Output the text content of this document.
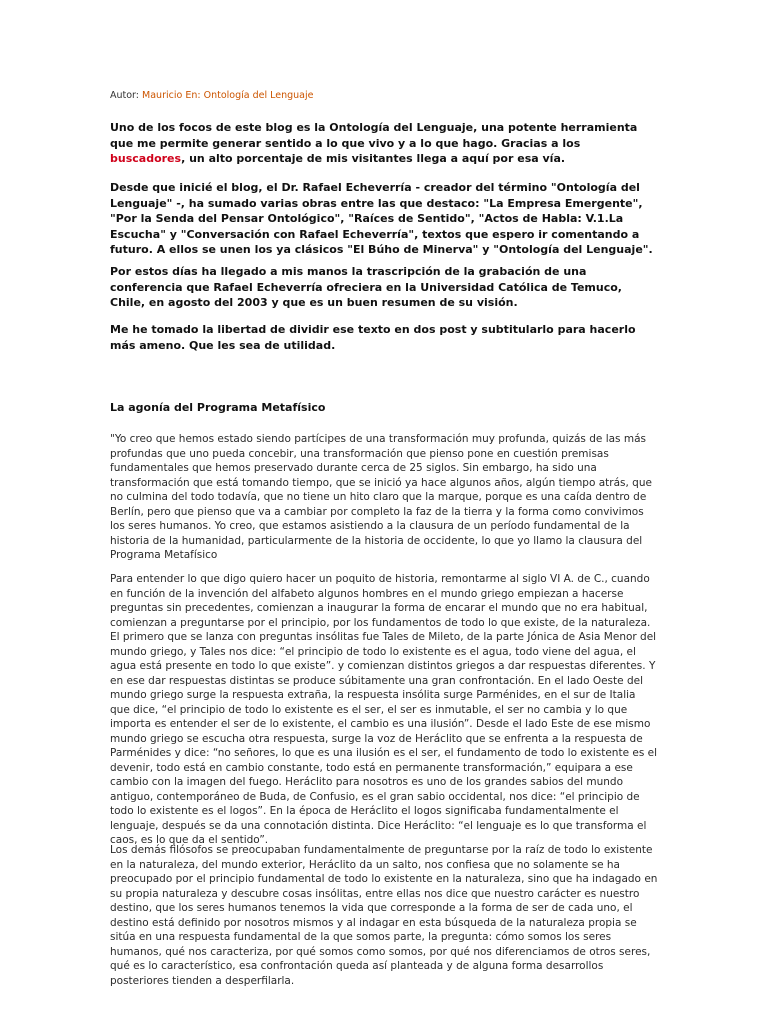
Autor: Mauricio En: Ontología del Lenguaje

Uno de los focos de este blog es la Ontología del Lenguaje, una potente herramienta que me permite generar sentido a lo que vivo y a lo que hago. Gracias a los buscadores, un alto porcentaje de mis visitantes llega a aquí por esa vía.

Desde que inicié el blog, el Dr. Rafael Echeverría - creador del término "Ontología del Lenguaje" -, ha sumado varias obras entre las que destaco: "La Empresa Emergente", "Por la Senda del Pensar Ontológico", "Raíces de Sentido", "Actos de Habla: V.1.La Escucha" y "Conversación con Rafael Echeverría", textos que espero ir comentando a futuro. A ellos se unen los ya clásicos "El Búho de Minerva" y "Ontología del Lenguaje".

Por estos días ha llegado a mis manos la trascripción de la grabación de una conferencia que Rafael Echeverría ofreciera en la Universidad Católica de Temuco, Chile, en agosto del 2003 y que es un buen resumen de su visión.

Me he tomado la libertad de dividir ese texto en dos post y subtitularlo para hacerlo más ameno. Que les sea de utilidad.

La agonía del Programa Metafísico

"Yo creo que hemos estado siendo partícipes de una transformación muy profunda, quizás de las más profundas que uno pueda concebir, una transformación que pienso pone en cuestión premisas fundamentales que hemos preservado durante cerca de 25 siglos. Sin embargo, ha sido una transformación que está tomando tiempo, que se inició ya hace algunos años, algún tiempo atrás, que no culmina del todo todavía, que no tiene un hito claro que la marque, porque es una caída dentro de Berlín, pero que pienso que va a cambiar por completo la faz de la tierra y la forma como convivimos los seres humanos. Yo creo, que estamos asistiendo a la clausura de un período fundamental de la historia de la humanidad, particularmente de la historia de occidente, lo que yo llamo la clausura del Programa Metafísico

Para entender lo que digo quiero hacer un poquito de historia, remontarme al siglo VI A. de C., cuando en función de la invención del alfabeto algunos hombres en el mundo griego empiezan a hacerse preguntas sin precedentes, comienzan a inaugurar la forma de encarar el mundo que no era habitual, comienzan a preguntarse por el principio, por los fundamentos de todo lo que existe, de la naturaleza. El primero que se lanza con preguntas insólitas fue Tales de Mileto, de la parte Jónica de Asia Menor del mundo griego, y Tales nos dice: “el principio de todo lo existente es el agua, todo viene del agua, el agua está presente en todo lo que existe”. y comienzan distintos griegos a dar respuestas diferentes. Y en ese dar respuestas distintas se produce súbitamente una gran confrontación. En el lado Oeste del mundo griego surge la respuesta extraña, la respuesta insólita surge Parménides, en el sur de Italia que dice, “el principio de todo lo existente es el ser, el ser es inmutable, el ser no cambia y lo que importa es entender el ser de lo existente, el cambio es una ilusión”. Desde el lado Este de ese mismo mundo griego se escucha otra respuesta, surge la voz de Heráclito que se enfrenta a la respuesta de Parménides y dice: “no señores, lo que es una ilusión es el ser, el fundamento de todo lo existente es el devenir, todo está en cambio constante, todo está en permanente transformación,” equipara a ese cambio con la imagen del fuego. Heráclito para nosotros es uno de los grandes sabios del mundo antiguo, contemporáneo de Buda, de Confusio, es el gran sabio occidental, nos dice: “el principio de todo lo existente es el logos”. En la época de Heráclito el logos significaba fundamentalmente el lenguaje, después se da una connotación distinta. Dice Heráclito: “el lenguaje es lo que transforma el caos, es lo que da el sentido”.

Los demás filósofos se preocupaban fundamentalmente de preguntarse por la raíz de todo lo existente en la naturaleza, del mundo exterior, Heráclito da un salto, nos confiesa que no solamente se ha preocupado por el principio fundamental de todo lo existente en la naturaleza, sino que ha indagado en su propia naturaleza y descubre cosas insólitas, entre ellas nos dice que nuestro carácter es nuestro destino, que los seres humanos tenemos la vida que corresponde a la forma de ser de cada uno, el destino está definido por nosotros mismos y al indagar en esta búsqueda de la naturaleza propia se sitúa en una respuesta fundamental de la que somos parte, la pregunta: cómo somos los seres humanos, qué nos caracteriza, por qué somos como somos, por qué nos diferenciamos de otros seres, qué es lo característico, esa confrontación queda así planteada y de alguna forma desarrollos posteriores tienden a desperfilarla.
